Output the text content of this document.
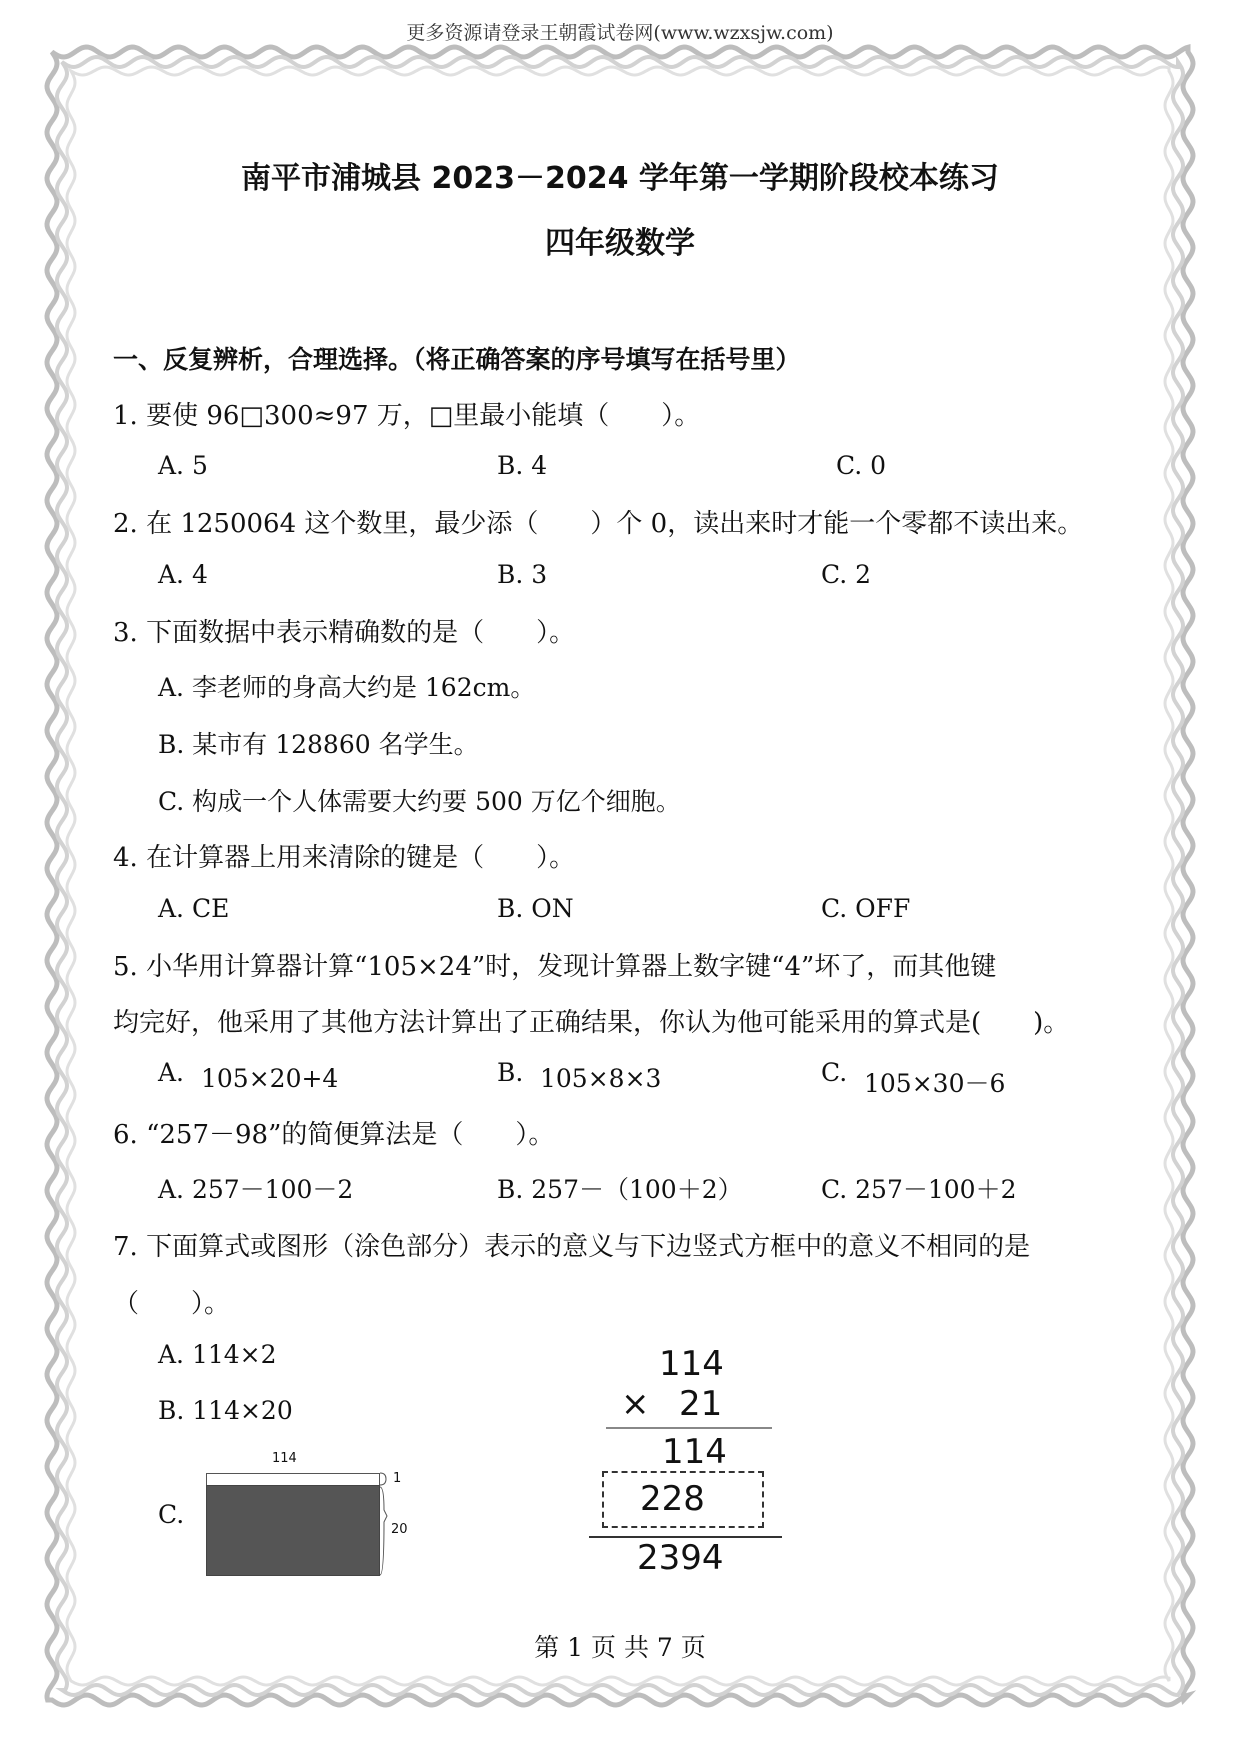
更多资源请登录王朝霞试卷网(www.wzxsjw.com)
南平市浦城县 2023－2024 学年第一学期阶段校本练习
四年级数学
一、反复辨析，合理选择。（将正确答案的序号填写在括号里）
1. 要使 96□300≈97 万，□里最小能填（　　）。
A. 5	B. 4	C. 0
2. 在 1250064 这个数里，最少添（　　）个 0，读出来时才能一个零都不读出来。
A. 4	B. 3	C. 2
3. 下面数据中表示精确数的是（　　）。
A. 李老师的身高大约是 162cm。
B. 某市有 128860 名学生。
C. 构成一个人体需要大约要 500 万亿个细胞。
4. 在计算器上用来清除的键是（　　）。
A. CE	B. ON	C. OFF
5. 小华用计算器计算“105×24”时，发现计算器上数字键“4”坏了，而其他键
均完好，他采用了其他方法计算出了正确结果，你认为他可能采用的算式是(　　)。
A. 105×20+4	B. 105×8×3	C. 105×30－6
6. “257－98”的简便算法是（　　）。
A. 257－100－2	B. 257－（100＋2）	C. 257－100＋2
7. 下面算式或图形（涂色部分）表示的意义与下边竖式方框中的意义不相同的是
（　　）。
A. 114×2
B. 114×20
C.
114
1
20
114
× 21
114
228
2394
第 1 页 共 7 页
